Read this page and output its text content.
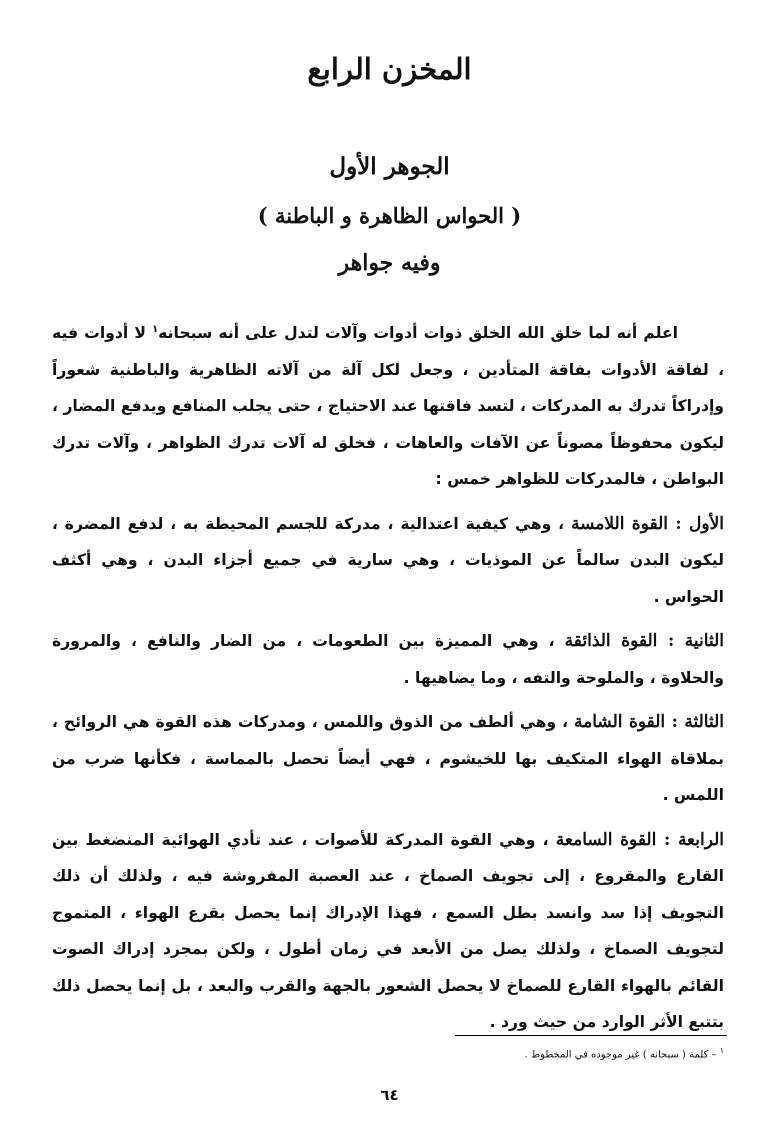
المخزن الرابع
الجوهر الأول
( الحواس الظاهرة و الباطنة )
وفيه جواهر

اعلم أنه لما خلق الله الخلق ذوات أدوات وآلات لتدل على أنه سبحانه$^١$ لا أدوات فيه ، لفاقة الأدوات بفاقة المتأدين ، وجعل لكل آلة من آلاته الظاهرية والباطنية شعوراً وإدراكاً تدرك به المدركات ، لتسد فاقتها عند الاحتياج ، حتى يجلب المنافع ويدفع المضار ، ليكون محفوظاً مصوناً عن الآفات والعاهات ، فخلق له آلات تدرك الظواهر ، وآلات تدرك البواطن ، فالمدركات للظواهر خمس :

الأول : القوة اللامسة ، وهي كيفية اعتدالية ، مدركة للجسم المحيطة به ، لدفع المضرة ، ليكون البدن سالماً عن الموذيات ، وهي سارية في جميع أجزاء البدن ، وهي أكثف الحواس .

الثانية : القوة الذائقة ، وهي المميزة بين الطعومات ، من الضار والنافع ، والمرورة والحلاوة ، والملوحة والتفه ، وما يضاهيها .

الثالثة : القوة الشامة ، وهي ألطف من الذوق واللمس ، ومدركات هذه القوة هي الروائح ، بملاقاة الهواء المتكيف بها للخيشوم ، فهي أيضاً تحصل بالمماسة ، فكأنها ضرب من اللمس .

الرابعة : القوة السامعة ، وهي القوة المدركة للأصوات ، عند تأدي الهوائية المنضغط بين القارع والمقروع ، إلى تجويف الصماخ ، عند العصبة المفروشة فيه ، ولذلك أن ذلك التجويف إذا سد وانسد بطل السمع ، فهذا الإدراك إنما يحصل بقرع الهواء ، المتموج لتجويف الصماخ ، ولذلك يصل من الأبعد في زمان أطول ، ولكن بمجرد إدراك الصوت القائم بالهواء القارع للصماخ لا يحصل الشعور بالجهة والقرب والبعد ، بل إنما يحصل ذلك بتتبع الأثر الوارد من حيث ورد .

$^١$ – كلمة ( سبحانه ) غير موجوده في المخطوط .

٦٤
